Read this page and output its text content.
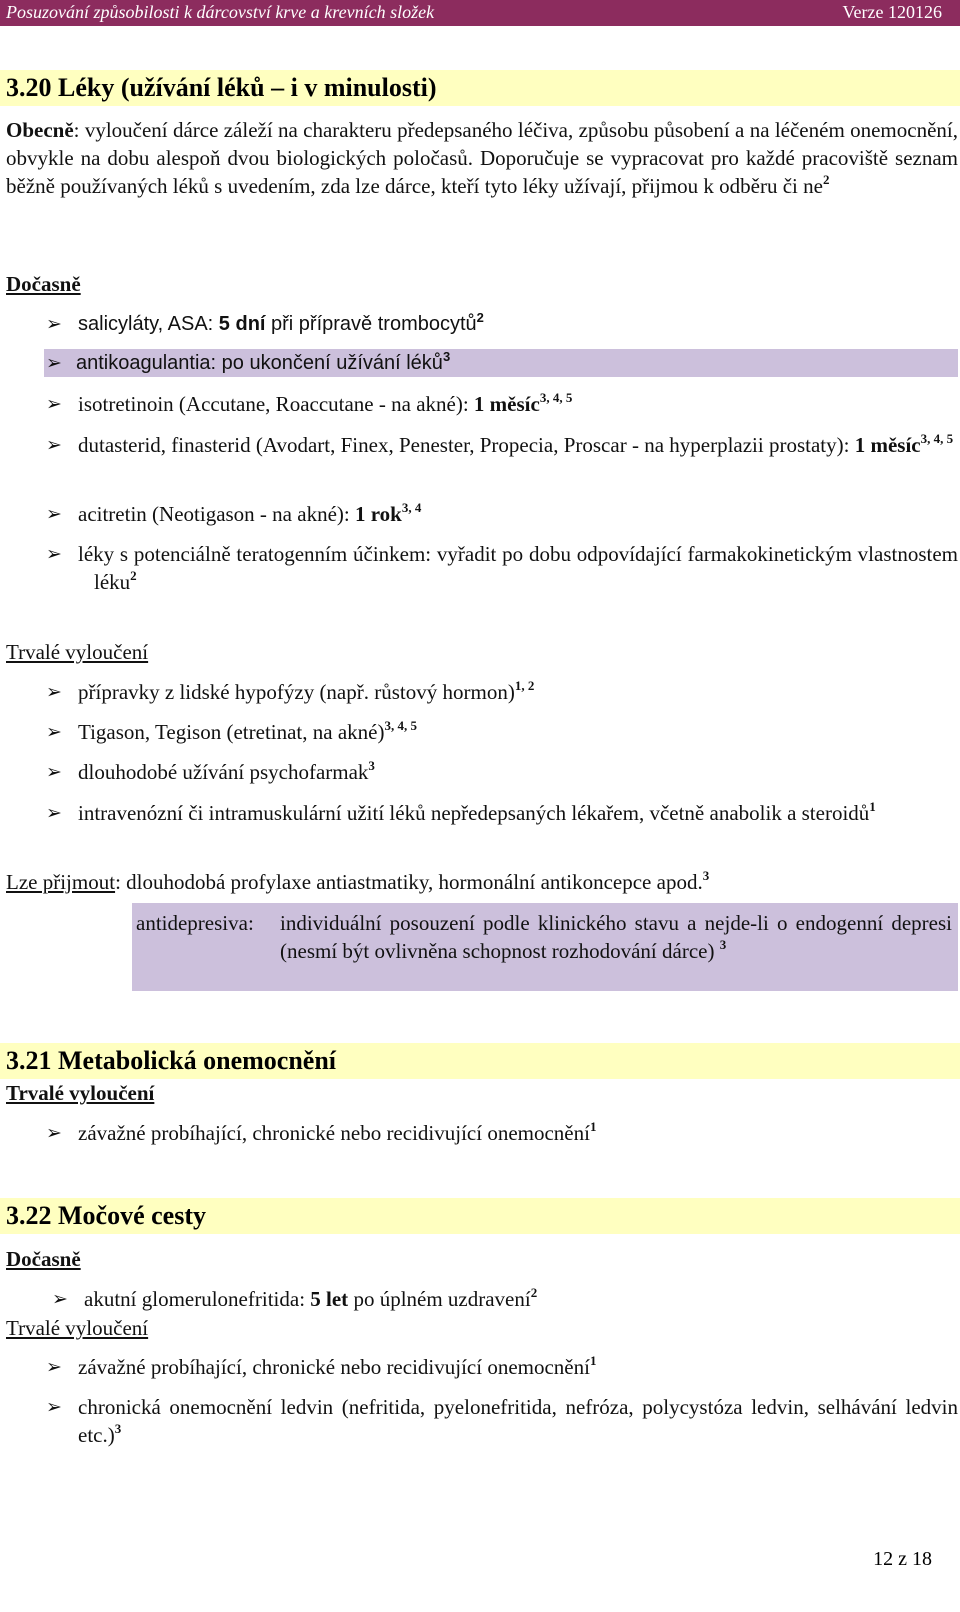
Posuzování způsobilosti k dárcovství krve a krevních složek	Verze 120126
3.20 Léky (užívání léků – i v minulosti)
Obecně: vyloučení dárce záleží na charakteru předepsaného léčiva, způsobu působení a na léčeném onemocnění, obvykle na dobu alespoň dvou biologických poločasů. Doporučuje se vypracovat pro každé pracoviště seznam běžně používaných léků s uvedením, zda lze dárce, kteří tyto léky užívají, přijmou k odběru či $ne^2$
Dočasně
➢ salicyláty, ASA: 5 dní při přípravě trombocytů$^2$
➢ antikoagulantia: po ukončení užívání léků$^3$
➢ isotretinoin (Accutane, Roaccutane - na akné): 1 měsíc$^{3, 4, 5}$
➢ dutasterid, finasterid (Avodart, Finex, Penester, Propecia, Proscar - na hyperplazii prostaty): 1 měsíc$^{3, 4, 5}$
➢ acitretin (Neotigason - na akné): 1 rok$^{3, 4}$
➢ léky s potenciálně teratogenním účinkem: vyřadit po dobu odpovídající farmakokinetickým vlastnostem léku$^2$
Trvalé vyloučení
➢ přípravky z lidské hypofýzy (např. růstový hormon)$^{1, 2}$
➢ Tigason, Tegison (etretinat, na akné)$^{3, 4, 5}$
➢ dlouhodobé užívání psychofarmak$^3$
➢ intravenózní či intramuskulární užití léků nepředepsaných lékařem, včetně anabolik a steroidů$^1$
Lze přijmout: dlouhodobá profylaxe antiastmatiky, hormonální antikoncepce apod.$^3$
antidepresiva: individuální posouzení podle klinického stavu a nejde-li o endogenní depresi (nesmí být ovlivněna schopnost rozhodování dárce) $^3$
3.21 Metabolická onemocnění
Trvalé vyloučení
➢ závažné probíhající, chronické nebo recidivující onemocnění$^1$
3.22 Močové cesty
Dočasně
➢ akutní glomerulonefritida: 5 let po úplném uzdravení$^2$
Trvalé vyloučení
➢ závažné probíhající, chronické nebo recidivující onemocnění$^1$
➢ chronická onemocnění ledvin (nefritida, pyelonefritida, nefróza, polycystóza ledvin, selhávání ledvin etc.)$^3$
12 z 18
